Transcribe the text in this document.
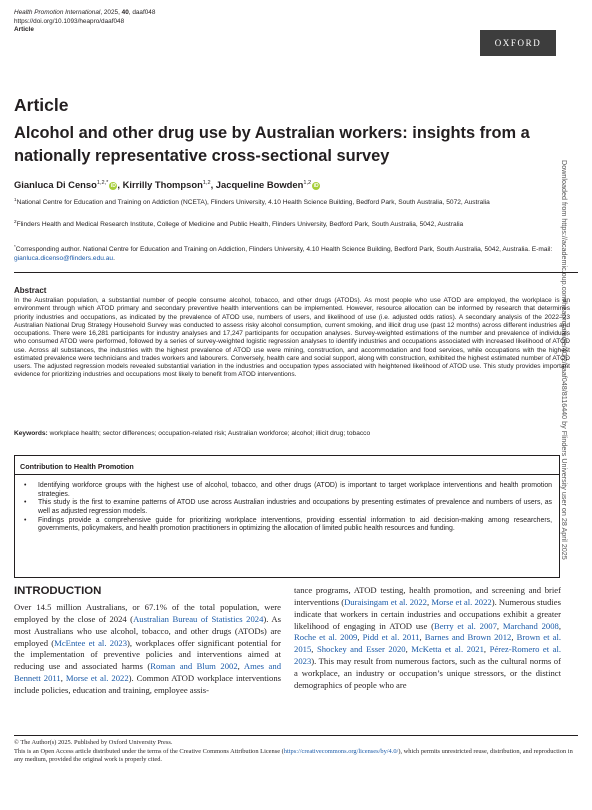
Health Promotion International, 2025, 40, daaf048
https://doi.org/10.1093/heapro/daaf048
Article
OXFORD
Downloaded from https://academic.oup.com/heapro/article/40/2/daaf048/8116440 by Flinders University user on 28 April 2025
Article
Alcohol and other drug use by Australian workers: insights from a nationally representative cross-sectional survey
Gianluca Di Censo$^{1,2,*}$iD , Kirrilly Thompson$^{1,2}$, Jacqueline Bowden$^{1,2}$iD
$^1$National Centre for Education and Training on Addiction (NCETA), Flinders University, 4.10 Health Science Building, Bedford Park, South Australia, 5072, Australia
$^2$Flinders Health and Medical Research Institute, College of Medicine and Public Health, Flinders University, Bedford Park, South Australia, 5042, Australia
*Corresponding author. National Centre for Education and Training on Addiction, Flinders University, 4.10 Health Science Building, Bedford Park, South Australia, 5042, Australia. E-mail: gianluca.dicenso@flinders.edu.au.
Abstract
In the Australian population, a substantial number of people consume alcohol, tobacco, and other drugs (ATODs). As most people who use ATOD are employed, the workplace is an environment through which ATOD primary and secondary preventive health interventions can be implemented. However, resource allocation can be informed by research that determines priority industries and occupations, as indicated by the prevalence of ATOD use, numbers of users, and likelihood of use (i.e. adjusted odds ratios). A secondary analysis of the 2022–23 Australian National Drug Strategy Household Survey was conducted to assess risky alcohol consumption, current smoking, and illicit drug use (past 12 months) across different industries and occupations. There were 16,281 participants for industry analyses and 17,247 participants for occupation analyses. Survey-weighted estimations of the number and prevalence of individuals who consumed ATOD were performed, followed by a series of survey-weighted logistic regression analyses to identify industries and occupations associated with increased likelihood of ATOD use. Across all substances, the industries with the highest prevalence of ATOD use were mining, construction, and accommodation and food services, while occupations with the highest estimated prevalence were technicians and trades workers and labourers. Conversely, health care and social support, along with construction, exhibited the highest estimated number of ATOD users. The adjusted regression models revealed substantial variation in the industries and occupation types associated with heightened likelihood of ATOD use. This study provides important evidence for prioritizing industries and occupations most likely to benefit from ATOD interventions.
Keywords: workplace health; sector differences; occupation-related risk; Australian workforce; alcohol; illicit drug; tobacco
Contribution to Health Promotion
• Identifying workforce groups with the highest use of alcohol, tobacco, and other drugs (ATOD) is important to target workplace interventions and health promotion strategies.
• This study is the first to examine patterns of ATOD use across Australian industries and occupations by presenting estimates of prevalence and numbers of users, as well as adjusted regression models.
• Findings provide a comprehensive guide for prioritizing workplace interventions, providing essential information to aid decision-making among researchers, governments, policymakers, and health promotion practitioners in optimizing the allocation of limited public health resources and funding.
INTRODUCTION
Over 14.5 million Australians, or 67.1% of the total population, were employed by the close of 2024 (Australian Bureau of Statistics 2024). As most Australians who use alcohol, tobacco, and other drugs (ATODs) are employed (McEntee et al. 2023), workplaces offer significant potential for the implementation of preventive policies and interventions aimed at reducing use and associated harms (Roman and Blum 2002, Ames and Bennett 2011, Morse et al. 2022). Common ATOD workplace interventions include policies, education and training, employee assis-
tance programs, ATOD testing, health promotion, and screening and brief interventions (Duraisingam et al. 2022, Morse et al. 2022). Numerous studies indicate that workers in certain industries and occupations exhibit a greater likelihood of engaging in ATOD use (Berry et al. 2007, Marchand 2008, Roche et al. 2009, Pidd et al. 2011, Barnes and Brown 2012, Brown et al. 2015, Shockey and Esser 2020, McKetta et al. 2021, Pérez-Romero et al. 2023). This may result from numerous factors, such as the cultural norms of a workplace, an industry or occupation’s unique stressors, or the distinct demographics of people who are
© The Author(s) 2025. Published by Oxford University Press.
This is an Open Access article distributed under the terms of the Creative Commons Attribution License (https://creativecommons.org/licenses/by/4.0/), which permits unrestricted reuse, distribution, and reproduction in any medium, provided the original work is properly cited.
